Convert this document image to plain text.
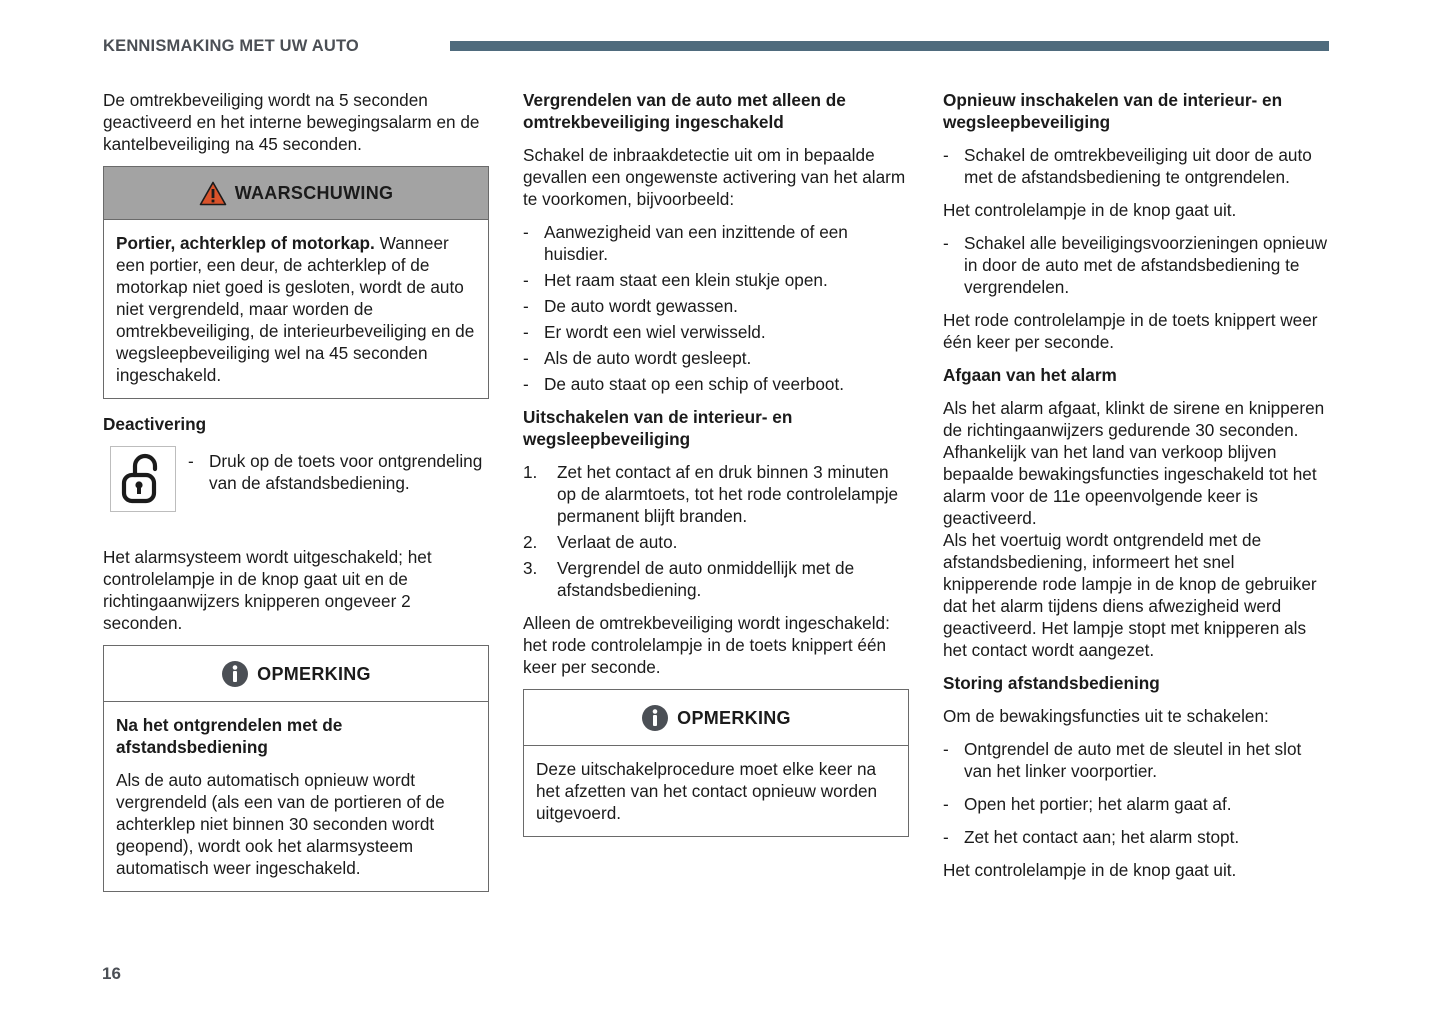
KENNISMAKING MET UW AUTO

De omtrekbeveiliging wordt na 5 seconden geactiveerd en het interne bewegingsalarm en de kantelbeveiliging na 45 seconden.

WAARSCHUWING

Portier, achterklep of motorkap. Wanneer een portier, een deur, de achterklep of de motorkap niet goed is gesloten, wordt de auto niet vergrendeld, maar worden de omtrekbeveiliging, de interieurbeveiliging en de wegsleepbeveiliging wel na 45 seconden ingeschakeld.

Deactivering
- Druk op de toets voor ontgrendeling van de afstandsbediening.

Het alarmsysteem wordt uitgeschakeld; het controlelampje in de knop gaat uit en de richtingaanwijzers knipperen ongeveer 2 seconden.

OPMERKING

Na het ontgrendelen met de afstandsbediening

Als de auto automatisch opnieuw wordt vergrendeld (als een van de portieren of de achterklep niet binnen 30 seconden wordt geopend), wordt ook het alarmsysteem automatisch weer ingeschakeld.

Vergrendelen van de auto met alleen de omtrekbeveiliging ingeschakeld

Schakel de inbraakdetectie uit om in bepaalde gevallen een ongewenste activering van het alarm te voorkomen, bijvoorbeeld:

- Aanwezigheid van een inzittende of een huisdier.
- Het raam staat een klein stukje open.
- De auto wordt gewassen.
- Er wordt een wiel verwisseld.
- Als de auto wordt gesleept.
- De auto staat op een schip of veerboot.
Uitschakelen van de interieur- en wegsleepbeveiliging
1. Zet het contact af en druk binnen 3 minuten op de alarmtoets, tot het rode controlelampje permanent blijft branden.
2. Verlaat de auto.
3. Vergrendel de auto onmiddellijk met de afstandsbediening.

Alleen de omtrekbeveiliging wordt ingeschakeld: het rode controlelampje in de toets knippert één keer per seconde.

OPMERKING

Deze uitschakelprocedure moet elke keer na het afzetten van het contact opnieuw worden uitgevoerd.

Opnieuw inschakelen van de interieur- en wegsleepbeveiliging
- Schakel de omtrekbeveiliging uit door de auto met de afstandsbediening te ontgrendelen.

Het controlelampje in de knop gaat uit.

- Schakel alle beveiligingsvoorzieningen opnieuw in door de auto met de afstandsbediening te vergrendelen.

Het rode controlelampje in de toets knippert weer één keer per seconde.

Afgaan van het alarm

Als het alarm afgaat, klinkt de sirene en knipperen de richtingaanwijzers gedurende 30 seconden.

Afhankelijk van het land van verkoop blijven bepaalde bewakingsfuncties ingeschakeld tot het alarm voor de 11e opeenvolgende keer is geactiveerd.

Als het voertuig wordt ontgrendeld met de afstandsbediening, informeert het snel knipperende rode lampje in de knop de gebruiker dat het alarm tijdens diens afwezigheid werd geactiveerd. Het lampje stopt met knipperen als het contact wordt aangezet.

Storing afstandsbediening

Om de bewakingsfuncties uit te schakelen:

- Ontgrendel de auto met de sleutel in het slot van het linker voorportier.
- Open het portier; het alarm gaat af.
- Zet het contact aan; het alarm stopt.

Het controlelampje in de knop gaat uit.

16
